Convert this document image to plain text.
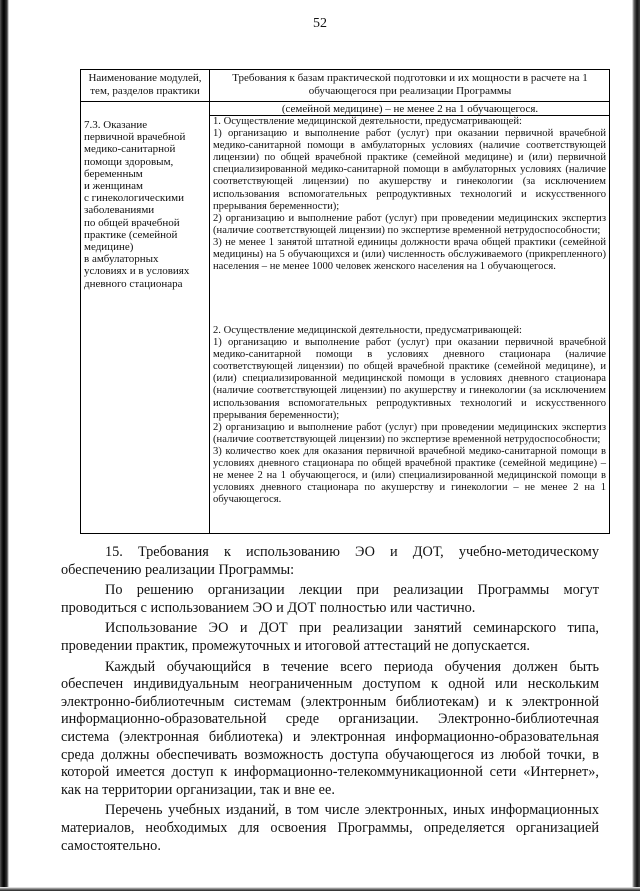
52
Наименование модулей, тем, разделов практики
Требования к базам практической подготовки и их мощности в расчете на 1 обучающегося при реализации Программы
(семейной медицине) – не менее 2 на 1 обучающегося.
7.3. Оказание
первичной врачебной
медико-санитарной
помощи здоровым,
беременным
и женщинам
с гинекологическими
заболеваниями
по общей врачебной
практике (семейной
медицине)
в амбулаторных
условиях и в условиях
дневного стационара
1. Осуществление медицинской деятельности, предусматривающей:
1) организацию и выполнение работ (услуг) при оказании первичной врачебной медико-санитарной помощи в амбулаторных условиях (наличие соответствующей лицензии) по общей врачебной практике (семейной медицине) и (или) первичной специализированной медико-санитарной помощи в амбулаторных условиях (наличие соответствующей лицензии) по акушерству и гинекологии (за исключением использования вспомогательных репродуктивных технологий и искусственного прерывания беременности);
2) организацию и выполнение работ (услуг) при проведении медицинских экспертиз (наличие соответствующей лицензии) по экспертизе временной нетрудоспособности;
3) не менее 1 занятой штатной единицы должности врача общей практики (семейной медицины) на 5 обучающихся и (или) численность обслуживаемого (прикрепленного) населения – не менее 1000 человек женского населения на 1 обучающегося.
2. Осуществление медицинской деятельности, предусматривающей:
1) организацию и выполнение работ (услуг) при оказании первичной врачебной медико-санитарной помощи в условиях дневного стационара (наличие соответствующей лицензии) по общей врачебной практике (семейной медицине), и (или) специализированной медицинской помощи в условиях дневного стационара (наличие соответствующей лицензии) по акушерству и гинекологии (за исключением использования вспомогательных репродуктивных технологий и искусственного прерывания беременности);
2) организацию и выполнение работ (услуг) при проведении медицинских экспертиз (наличие соответствующей лицензии) по экспертизе временной нетрудоспособности;
3) количество коек для оказания первичной врачебной медико-санитарной помощи в условиях дневного стационара по общей врачебной практике (семейной медицине) – не менее 2 на 1 обучающегося, и (или) специализированной медицинской помощи в условиях дневного стационара по акушерству и гинекологии – не менее 2 на 1 обучающегося.

15. Требования к использованию ЭО и ДОТ, учебно-методическому обеспечению реализации Программы:

По решению организации лекции при реализации Программы могут проводиться с использованием ЭО и ДОТ полностью или частично.

Использование ЭО и ДОТ при реализации занятий семинарского типа, проведении практик, промежуточных и итоговой аттестаций не допускается.

Каждый обучающийся в течение всего периода обучения должен быть обеспечен индивидуальным неограниченным доступом к одной или нескольким электронно-библиотечным системам (электронным библиотекам) и к электронной информационно-образовательной среде организации. Электронно-библиотечная система (электронная библиотека) и электронная информационно-образовательная среда должны обеспечивать возможность доступа обучающегося из любой точки, в которой имеется доступ к информационно-телекоммуникационной сети «Интернет», как на территории организации, так и вне ее.

Перечень учебных изданий, в том числе электронных, иных информационных материалов, необходимых для освоения Программы, определяется организацией самостоятельно.
